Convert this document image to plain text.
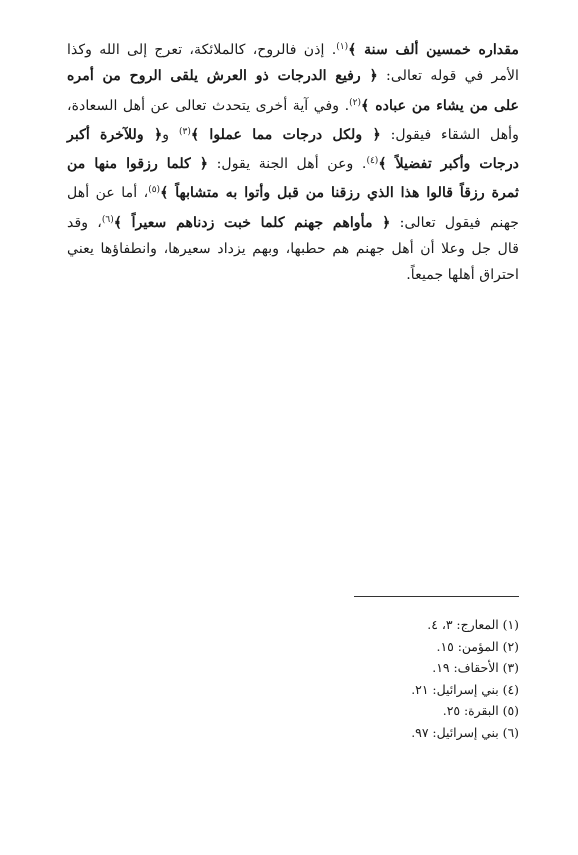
مقداره خمسين ألف سنة ﴾$^{(١)}$. إذن فالروح، كالملائكة، تعرج إلى الله وكذا
الأمر في قوله تعالى: ﴿ رفيع الدرجات ذو العرش يلقى الروح من أمره
على من يشاء من عباده ﴾$^{(٢)}$. وفي آية أخرى يتحدث تعالى عن أهل السعادة،
وأهل الشقاء فيقول: ﴿ ولكل درجات مما عملوا ﴾$^{(٣)}$ و﴿ وللآخرة أكبر
درجات وأكبر تفضيلاً ﴾$^{(٤)}$. وعن أهل الجنة يقول: ﴿ كلما رزقوا منها من
ثمرة رزقاً قالوا هذا الذي رزقنا من قبل وأتوا به متشابهاً ﴾$^{(٥)}$، أما عن أهل
جهنم فيقول تعالى: ﴿ مأواهم جهنم كلما خبت زدناهم سعيراً ﴾$^{(٦)}$، وقد
قال جل وعلا أن أهل جهنم هم حطبها، وبهم يزداد سعيرها، وانطفاؤها يعني
احتراق أهلها جميعاً.
(١) المعارج: ٣، ٤.
(٢) المؤمن: ١٥.
(٣) الأحقاف: ١٩.
(٤) بني إسرائيل: ٢١.
(٥) البقرة: ٢٥.
(٦) بني إسرائيل: ٩٧.
